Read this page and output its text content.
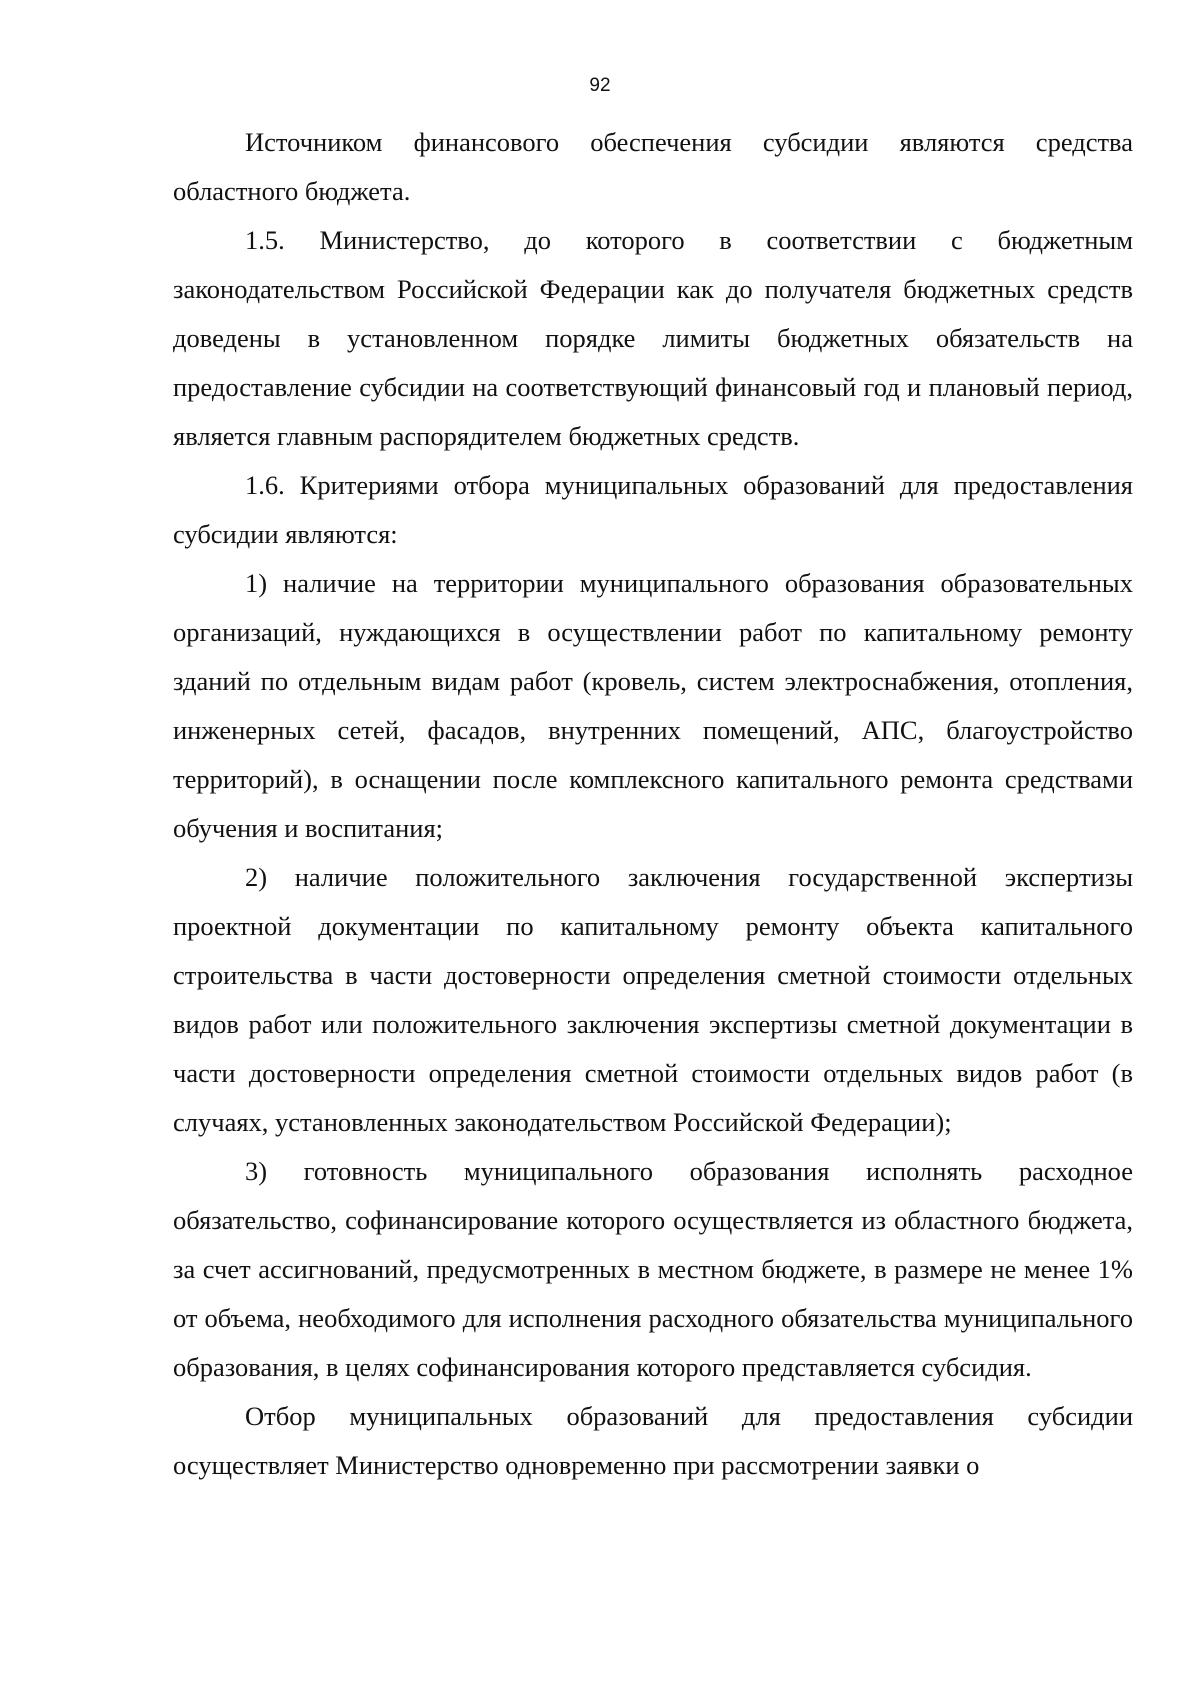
92

Источником финансового обеспечения субсидии являются средства областного бюджета.

1.5. Министерство, до которого в соответствии с бюджетным законодательством Российской Федерации как до получателя бюджетных средств доведены в установленном порядке лимиты бюджетных обязательств на предоставление субсидии на соответствующий финансовый год и плановый период, является главным распорядителем бюджетных средств.

1.6. Критериями отбора муниципальных образований для предоставления субсидии являются:

1) наличие на территории муниципального образования образовательных организаций, нуждающихся в осуществлении работ по капитальному ремонту зданий по отдельным видам работ (кровель, систем электроснабжения, отопления, инженерных сетей, фасадов, внутренних помещений, АПС, благоустройство территорий), в оснащении после комплексного капитального ремонта средствами обучения и воспитания;

2) наличие положительного заключения государственной экспертизы проектной документации по капитальному ремонту объекта капитального строительства в части достоверности определения сметной стоимости отдельных видов работ или положительного заключения экспертизы сметной документации в части достоверности определения сметной стоимости отдельных видов работ (в случаях, установленных законодательством Российской Федерации);

3) готовность муниципального образования исполнять расходное обязательство, софинансирование которого осуществляется из областного бюджета, за счет ассигнований, предусмотренных в местном бюджете, в размере не менее 1% от объема, необходимого для исполнения расходного обязательства муниципального образования, в целях софинансирования которого представляется субсидия.

Отбор муниципальных образований для предоставления субсидии осуществляет Министерство одновременно при рассмотрении заявки о
